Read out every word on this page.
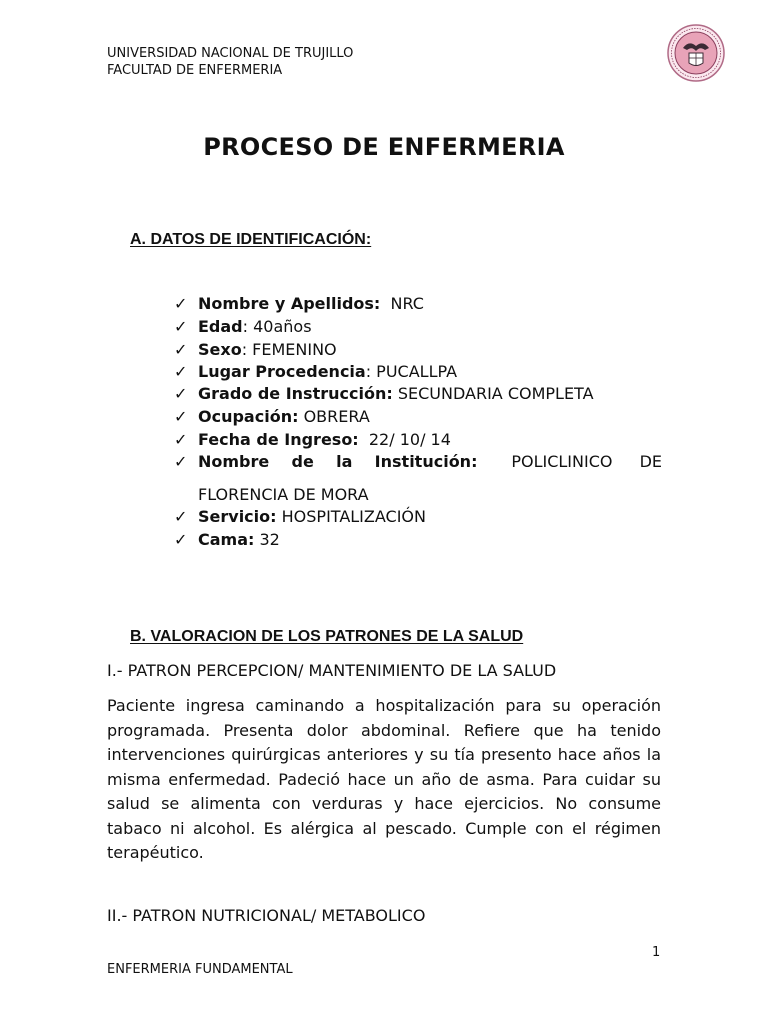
UNIVERSIDAD NACIONAL DE TRUJILLO
FACULTAD DE ENFERMERIA
PROCESO DE ENFERMERIA
A. DATOS DE IDENTIFICACIÓN:
✓ Nombre y Apellidos: NRC
✓ Edad: 40años
✓ Sexo: FEMENINO
✓ Lugar Procedencia: PUCALLPA
✓ Grado de Instrucción: SECUNDARIA COMPLETA
✓ Ocupación: OBRERA
✓ Fecha de Ingreso: 22/ 10/ 14
✓ Nombre    de    la    Institución: POLICLINICO DE
FLORENCIA DE MORA
✓ Servicio: HOSPITALIZACIÓN
✓ Cama: 32
B. VALORACION DE LOS PATRONES DE LA SALUD
I.- PATRON PERCEPCION/ MANTENIMIENTO DE LA SALUD
Paciente ingresa caminando a hospitalización para su operación programada. Presenta dolor abdominal. Refiere que ha tenido intervenciones quirúrgicas anteriores y su tía presento hace años la misma enfermedad. Padeció hace un año de asma. Para cuidar su salud se alimenta con verduras y hace ejercicios. No consume tabaco ni alcohol. Es alérgica al pescado. Cumple con el régimen terapéutico.
II.- PATRON NUTRICIONAL/ METABOLICO
1
ENFERMERIA FUNDAMENTAL
